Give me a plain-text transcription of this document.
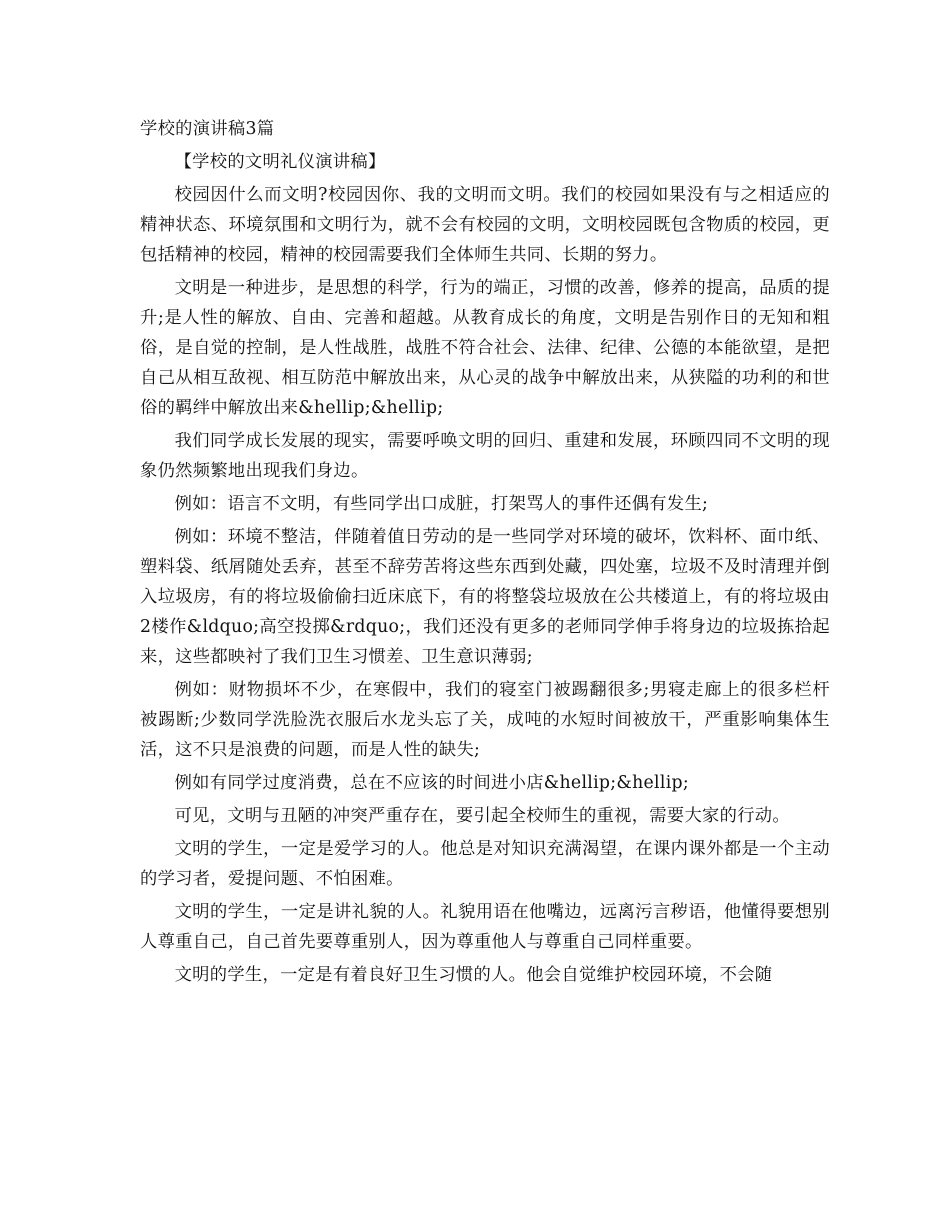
学校的演讲稿3篇
【学校的文明礼仪演讲稿】

校园因什么而文明?校园因你、我的文明而文明。我们的校园如果没有与之相适应的精神状态、环境氛围和文明行为，就不会有校园的文明，文明校园既包含物质的校园，更包括精神的校园，精神的校园需要我们全体师生共同、长期的努力。

文明是一种进步，是思想的科学，行为的端正，习惯的改善，修养的提高，品质的提升;是人性的解放、自由、完善和超越。从教育成长的角度，文明是告别作日的无知和粗俗，是自觉的控制，是人性战胜，战胜不符合社会、法律、纪律、公德的本能欲望，是把自己从相互敌视、相互防范中解放出来，从心灵的战争中解放出来，从狭隘的功利的和世俗的羁绊中解放出来&hellip;&hellip;

我们同学成长发展的现实，需要呼唤文明的回归、重建和发展，环顾四同不文明的现象仍然频繁地出现我们身边。

例如：语言不文明，有些同学出口成脏，打架骂人的事件还偶有发生;

例如：环境不整洁，伴随着值日劳动的是一些同学对环境的破坏，饮料杯、面巾纸、塑料袋、纸屑随处丢弃，甚至不辞劳苦将这些东西到处藏，四处塞，垃圾不及时清理并倒入垃圾房，有的将垃圾偷偷扫近床底下，有的将整袋垃圾放在公共楼道上，有的将垃圾由2楼作&ldquo;高空投掷&rdquo;，我们还没有更多的老师同学伸手将身边的垃圾拣拾起来，这些都映衬了我们卫生习惯差、卫生意识薄弱;

例如：财物损坏不少，在寒假中，我们的寝室门被踢翻很多;男寝走廊上的很多栏杆被踢断;少数同学洗脸洗衣服后水龙头忘了关，成吨的水短时间被放干，严重影响集体生活，这不只是浪费的问题，而是人性的缺失;

例如有同学过度消费，总在不应该的时间进小店&hellip;&hellip;

可见，文明与丑陋的冲突严重存在，要引起全校师生的重视，需要大家的行动。

文明的学生，一定是爱学习的人。他总是对知识充满渴望，在课内课外都是一个主动的学习者，爱提问题、不怕困难。

文明的学生，一定是讲礼貌的人。礼貌用语在他嘴边，远离污言秽语，他懂得要想别人尊重自己，自己首先要尊重别人，因为尊重他人与尊重自己同样重要。

文明的学生，一定是有着良好卫生习惯的人。他会自觉维护校园环境，不会随
